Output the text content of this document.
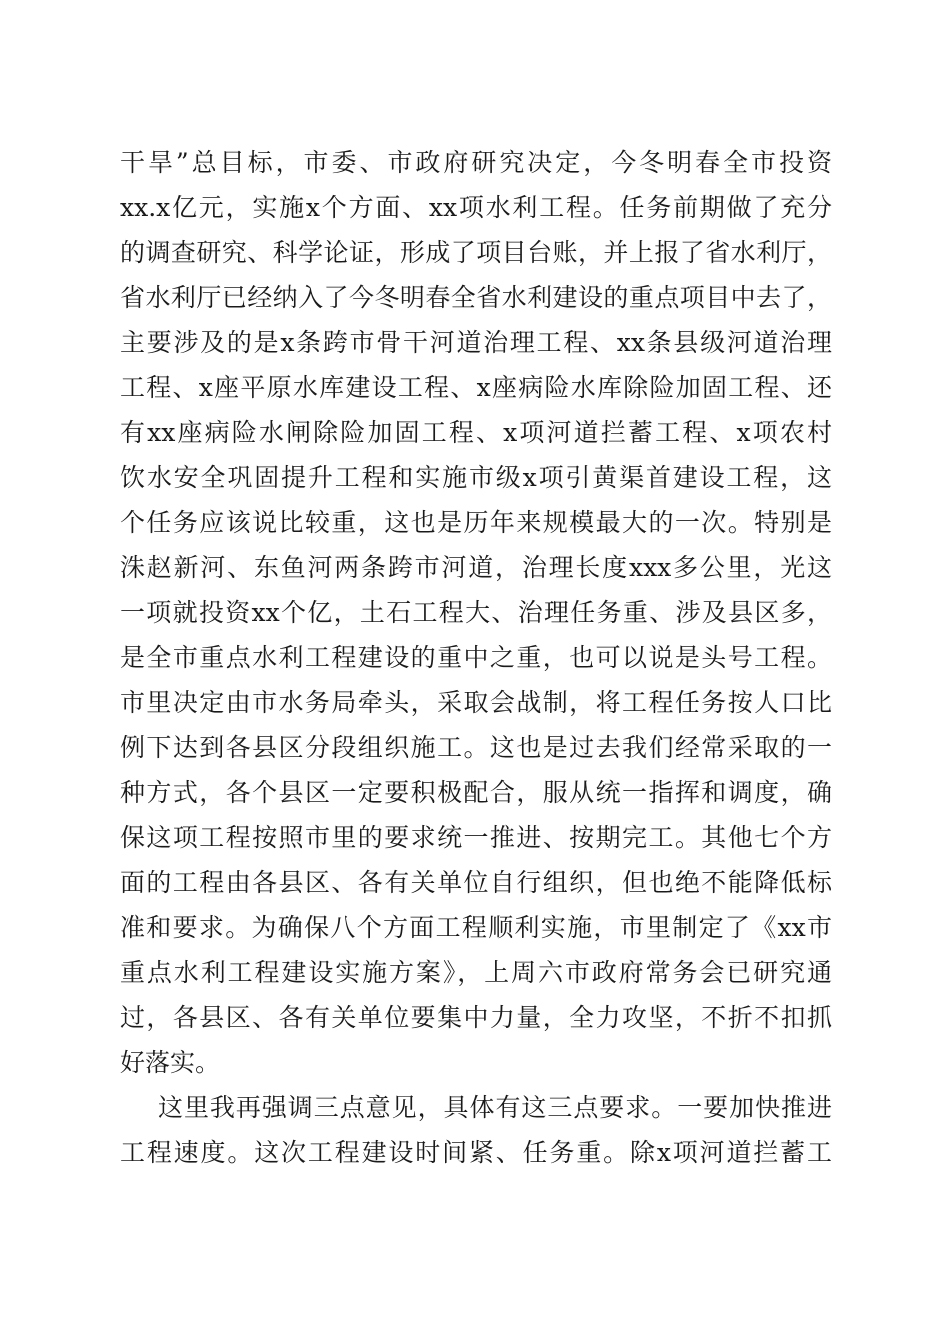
干旱”总目标，市委、市政府研究决定，今冬明春全市投资
xx.x亿元，实施x个方面、xx项水利工程。任务前期做了充分
的调查研究、科学论证，形成了项目台账，并上报了省水利厅，
省水利厅已经纳入了今冬明春全省水利建设的重点项目中去了，
主要涉及的是x条跨市骨干河道治理工程、xx条县级河道治理
工程、x座平原水库建设工程、x座病险水库除险加固工程、还
有xx座病险水闸除险加固工程、x项河道拦蓄工程、x项农村
饮水安全巩固提升工程和实施市级x项引黄渠首建设工程，这
个任务应该说比较重，这也是历年来规模最大的一次。特别是
洙赵新河、东鱼河两条跨市河道，治理长度xxx多公里，光这
一项就投资xx个亿，土石工程大、治理任务重、涉及县区多，
是全市重点水利工程建设的重中之重，也可以说是头号工程。
市里决定由市水务局牵头，采取会战制，将工程任务按人口比
例下达到各县区分段组织施工。这也是过去我们经常采取的一
种方式，各个县区一定要积极配合，服从统一指挥和调度，确
保这项工程按照市里的要求统一推进、按期完工。其他七个方
面的工程由各县区、各有关单位自行组织，但也绝不能降低标
准和要求。为确保八个方面工程顺利实施，市里制定了《xx市
重点水利工程建设实施方案》，上周六市政府常务会已研究通
过，各县区、各有关单位要集中力量，全力攻坚，不折不扣抓
好落实。
这里我再强调三点意见，具体有这三点要求。一要加快推进
工程速度。这次工程建设时间紧、任务重。除x项河道拦蓄工
